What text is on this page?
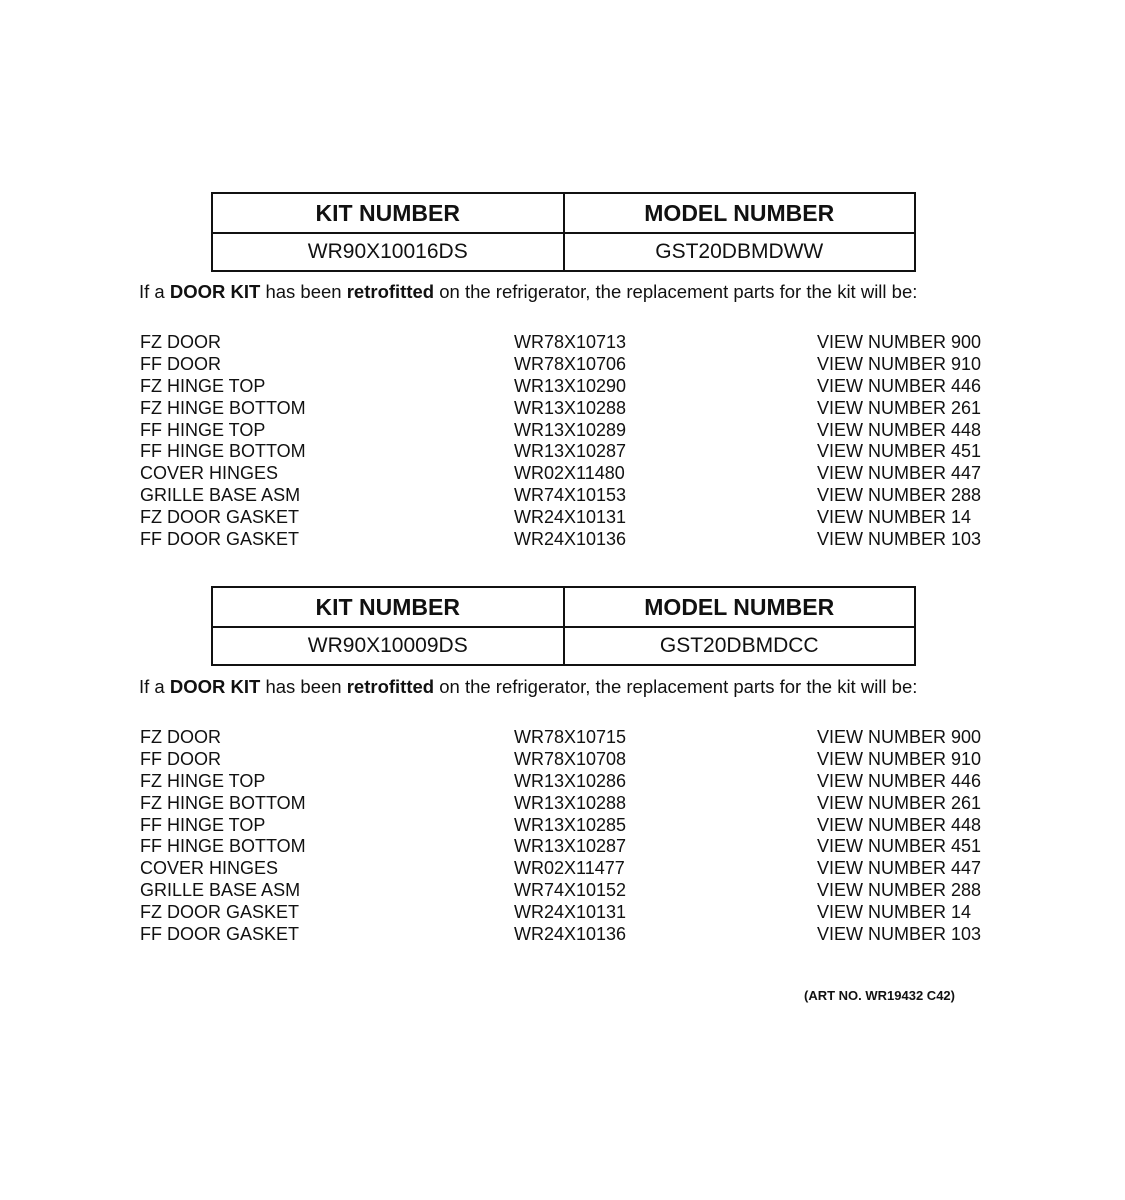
KIT NUMBER	MODEL NUMBER
WR90X10016DS	GST20DBMDWW
If a DOOR KIT has been retrofitted on the refrigerator, the replacement parts for the kit will be:
FZ DOOR	WR78X10713	VIEW NUMBER 900
FF DOOR	WR78X10706	VIEW NUMBER 910
FZ HINGE TOP	WR13X10290	VIEW NUMBER 446
FZ HINGE BOTTOM	WR13X10288	VIEW NUMBER 261
FF HINGE TOP	WR13X10289	VIEW NUMBER 448
FF HINGE BOTTOM	WR13X10287	VIEW NUMBER 451
COVER HINGES	WR02X11480	VIEW NUMBER 447
GRILLE BASE ASM	WR74X10153	VIEW NUMBER 288
FZ DOOR GASKET	WR24X10131	VIEW NUMBER 14
FF DOOR GASKET	WR24X10136	VIEW NUMBER 103
KIT NUMBER	MODEL NUMBER
WR90X10009DS	GST20DBMDCC
If a DOOR KIT has been retrofitted on the refrigerator, the replacement parts for the kit will be:
FZ DOOR	WR78X10715	VIEW NUMBER 900
FF DOOR	WR78X10708	VIEW NUMBER 910
FZ HINGE TOP	WR13X10286	VIEW NUMBER 446
FZ HINGE BOTTOM	WR13X10288	VIEW NUMBER 261
FF HINGE TOP	WR13X10285	VIEW NUMBER 448
FF HINGE BOTTOM	WR13X10287	VIEW NUMBER 451
COVER HINGES	WR02X11477	VIEW NUMBER 447
GRILLE BASE ASM	WR74X10152	VIEW NUMBER 288
FZ DOOR GASKET	WR24X10131	VIEW NUMBER 14
FF DOOR GASKET	WR24X10136	VIEW NUMBER 103
(ART NO. WR19432 C42)
